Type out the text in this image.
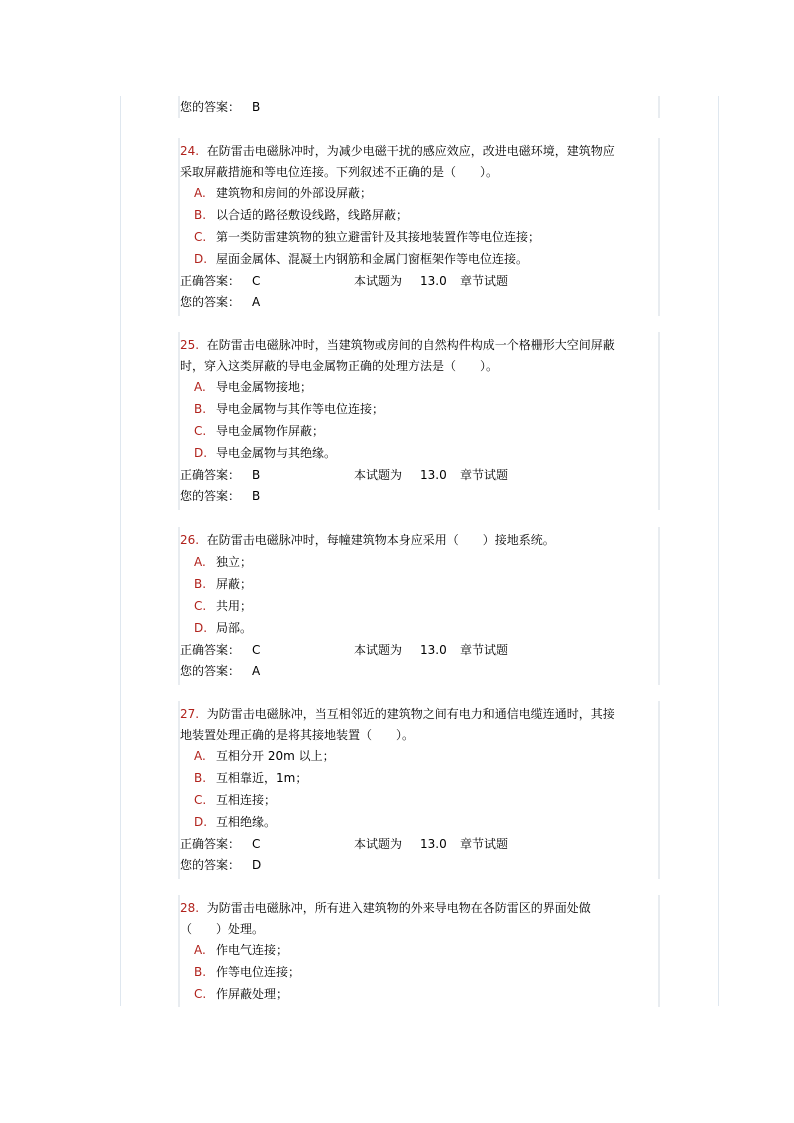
您的答案： B
24. 在防雷击电磁脉冲时，为减少电磁干扰的感应效应，改进电磁环境，建筑物应
采取屏蔽措施和等电位连接。下列叙述不正确的是（　　）。
A. 建筑物和房间的外部设屏蔽；
B. 以合适的路径敷设线路，线路屏蔽；
C. 第一类防雷建筑物的独立避雷针及其接地装置作等电位连接；
D. 屋面金属体、混凝土内钢筋和金属门窗框架作等电位连接。
正确答案： C	本试题为 13.0 章节试题
您的答案： A
25. 在防雷击电磁脉冲时，当建筑物或房间的自然构件构成一个格栅形大空间屏蔽
时，穿入这类屏蔽的导电金属物正确的处理方法是（　　）。
A. 导电金属物接地；
B. 导电金属物与其作等电位连接；
C. 导电金属物作屏蔽；
D. 导电金属物与其绝缘。
正确答案： B	本试题为 13.0 章节试题
您的答案： B
26. 在防雷击电磁脉冲时，每幢建筑物本身应采用（　　）接地系统。
A. 独立；
B. 屏蔽；
C. 共用；
D. 局部。
正确答案： C	本试题为 13.0 章节试题
您的答案： A
27. 为防雷击电磁脉冲，当互相邻近的建筑物之间有电力和通信电缆连通时，其接
地装置处理正确的是将其接地装置（　　）。
A. 互相分开 20m 以上；
B. 互相靠近，1m；
C. 互相连接；
D. 互相绝缘。
正确答案： C	本试题为 13.0 章节试题
您的答案： D
28. 为防雷击电磁脉冲，所有进入建筑物的外来导电物在各防雷区的界面处做
（　　）处理。
A. 作电气连接；
B. 作等电位连接；
C. 作屏蔽处理；
